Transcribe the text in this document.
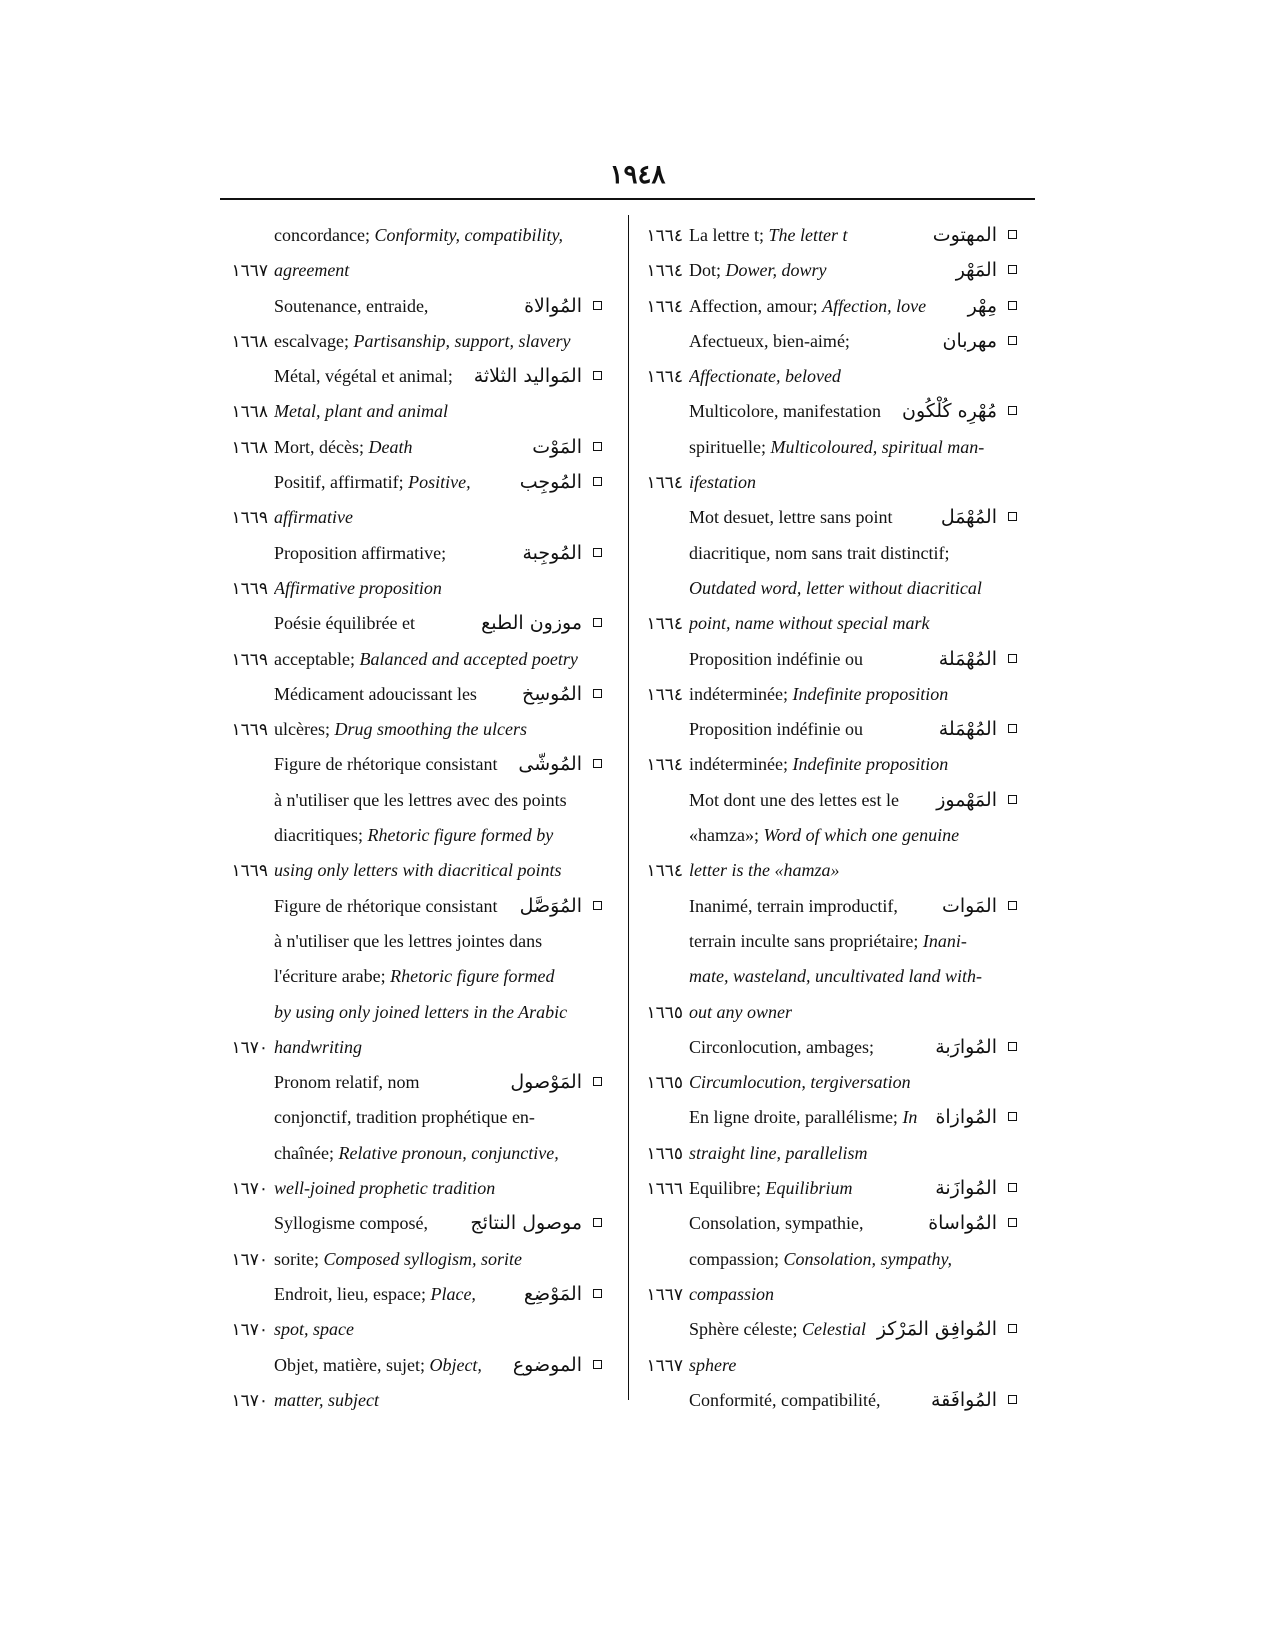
١٩٤٨
concordance; Conformity, compatibility,
١٦٦٧ agreement
Soutenance, entraide,	المُوالاة
١٦٦٨ escalvage; Partisanship, support, slavery
Métal, végétal et animal;	المَواليد الثلاثة
١٦٦٨ Metal, plant and animal
١٦٦٨ Mort, décès; Death	المَوْت
Positif, affirmatif; Positive,	المُوجِب
١٦٦٩ affirmative
Proposition affirmative;	المُوجِبة
١٦٦٩ Affirmative proposition
Poésie équilibrée et	موزون الطبع
١٦٦٩ acceptable; Balanced and accepted poetry
Médicament adoucissant les	المُوسِخ
١٦٦٩ ulcères; Drug smoothing the ulcers
Figure de rhétorique consistant	المُوشّى
à n'utiliser que les lettres avec des points
diacritiques; Rhetoric figure formed by
١٦٦٩ using only letters with diacritical points
Figure de rhétorique consistant	المُوَصَّل
à n'utiliser que les lettres jointes dans
l'écriture arabe; Rhetoric figure formed
by using only joined letters in the Arabic
١٦٧٠ handwriting
Pronom relatif, nom	المَوْصول
conjonctif, tradition prophétique en-
chaînée; Relative pronoun, conjunctive,
١٦٧٠ well-joined prophetic tradition
Syllogisme composé,	موصول النتائج
١٦٧٠ sorite; Composed syllogism, sorite
Endroit, lieu, espace; Place,	المَوْضِع
١٦٧٠ spot, space
Objet, matière, sujet; Object,	الموضوع
١٦٧٠ matter, subject
١٦٦٤ La lettre t; The letter t	المهتوت
١٦٦٤ Dot; Dower, dowry	المَهْر
١٦٦٤ Affection, amour; Affection, love	مِهْر
Afectueux, bien-aimé;	مهربان
١٦٦٤ Affectionate, beloved
Multicolore, manifestation	مُهْرِه كُلْكُون
spirituelle; Multicoloured, spiritual man-
١٦٦٤ ifestation
Mot desuet, lettre sans point	المُهْمَل
diacritique, nom sans trait distinctif;
Outdated word, letter without diacritical
١٦٦٤ point, name without special mark
Proposition indéfinie ou	المُهْمَلة
١٦٦٤ indéterminée; Indefinite proposition
Proposition indéfinie ou	المُهْمَلة
١٦٦٤ indéterminée; Indefinite proposition
Mot dont une des lettes est le	المَهْموز
«hamza»; Word of which one genuine
١٦٦٤ letter is the «hamza»
Inanimé, terrain improductif,	المَوات
terrain inculte sans propriétaire; Inani-
mate, wasteland, uncultivated land with-
١٦٦٥ out any owner
Circonlocution, ambages;	المُوارَبة
١٦٦٥ Circumlocution, tergiversation
En ligne droite, parallélisme; In المُوازاة
١٦٦٥ straight line, parallelism
١٦٦٦ Equilibre; Equilibrium	المُوازَنة
Consolation, sympathie,	المُواساة
compassion; Consolation, sympathy,
١٦٦٧ compassion
Sphère céleste; Celestial المُوافِق المَرْكز
١٦٦٧ sphere
Conformité, compatibilité,	المُوافَقة
